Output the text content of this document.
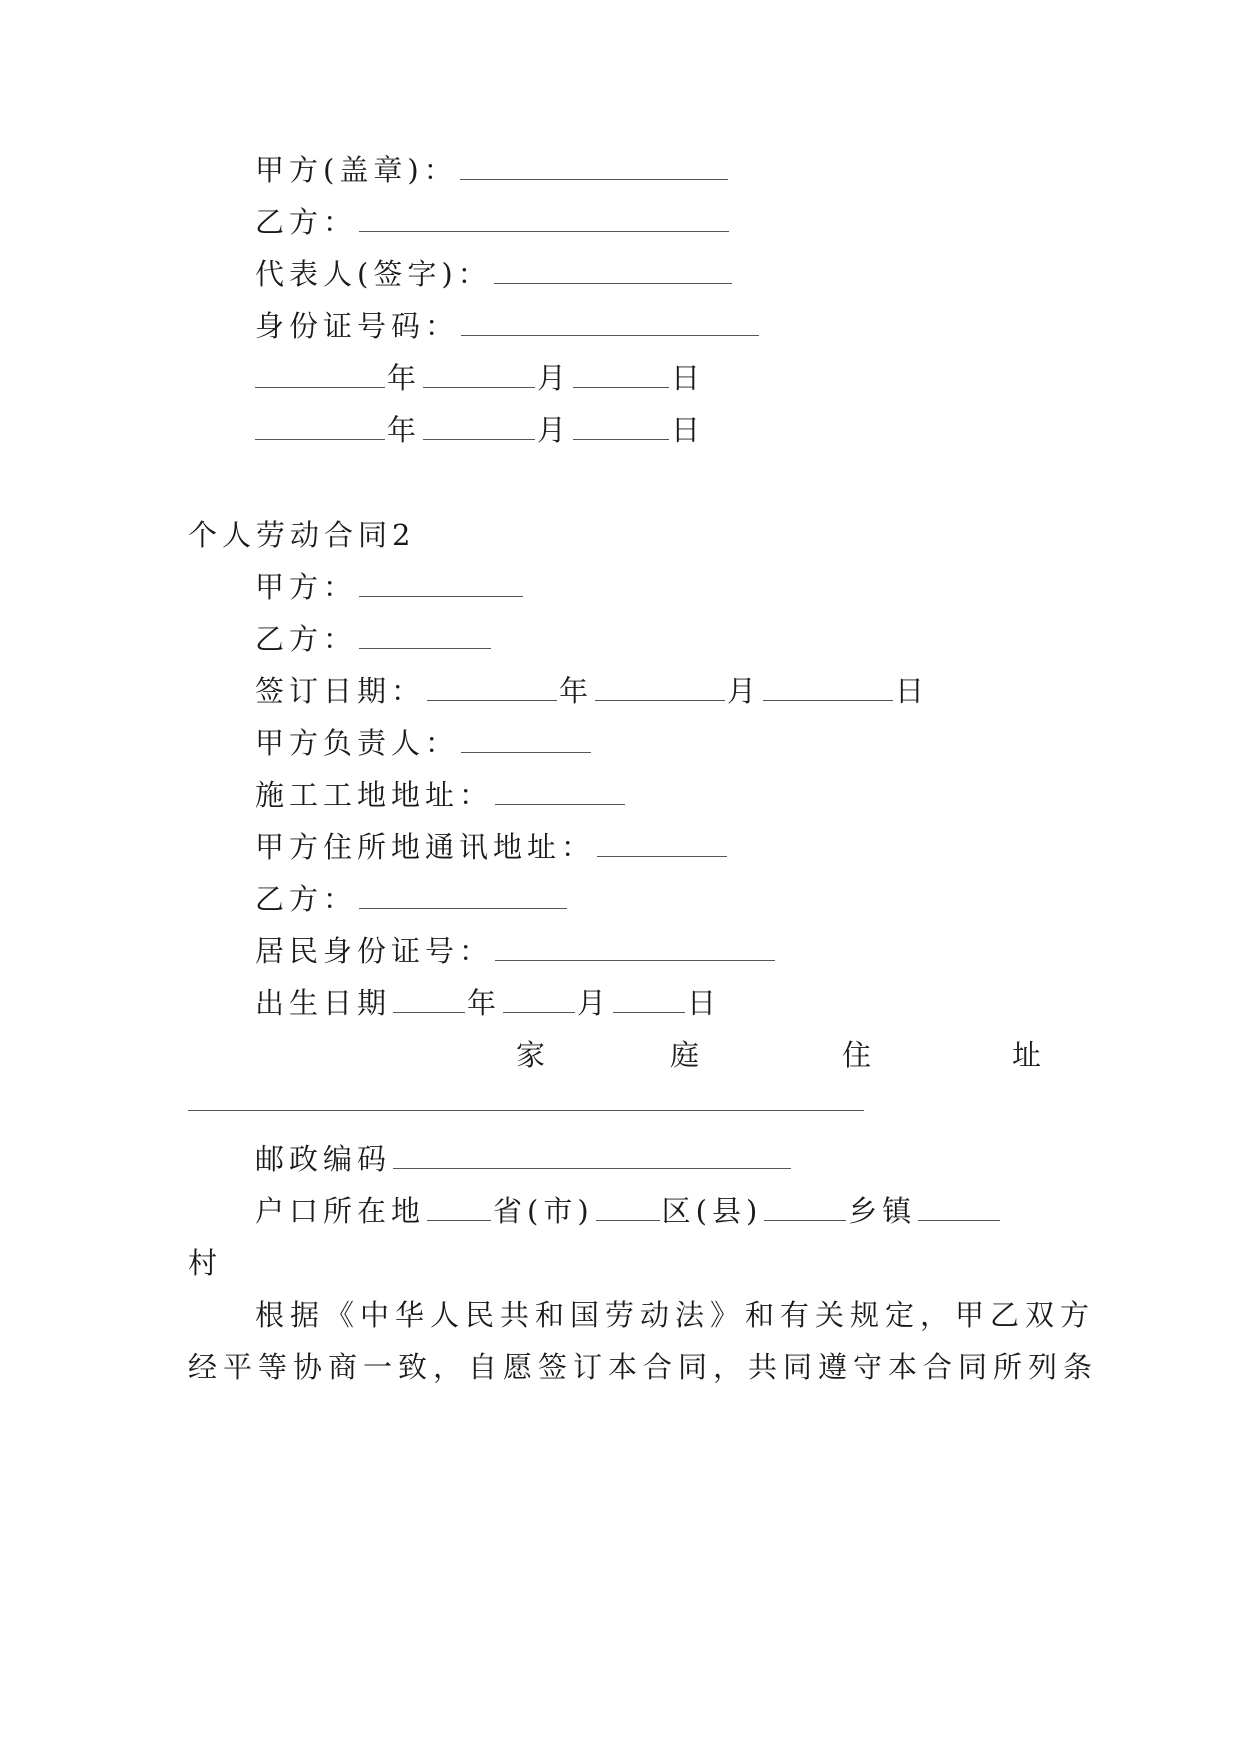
甲方(盖章)：
乙方：
代表人(签字)：
身份证号码：
年	月	日
年	月	日
个人劳动合同2
甲方：
乙方：
签订日期：	年	月	日
甲方负责人：
施工工地地址：
甲方住所地通讯地址：
乙方：
居民身份证号：
出生日期	年	月	日
家	庭	住	址
邮政编码
户口所在地 省(市) 区(县)	乡镇
村
根据《中华人民共和国劳动法》和有关规定，甲乙双方
经平等协商一致，自愿签订本合同，共同遵守本合同所列条
